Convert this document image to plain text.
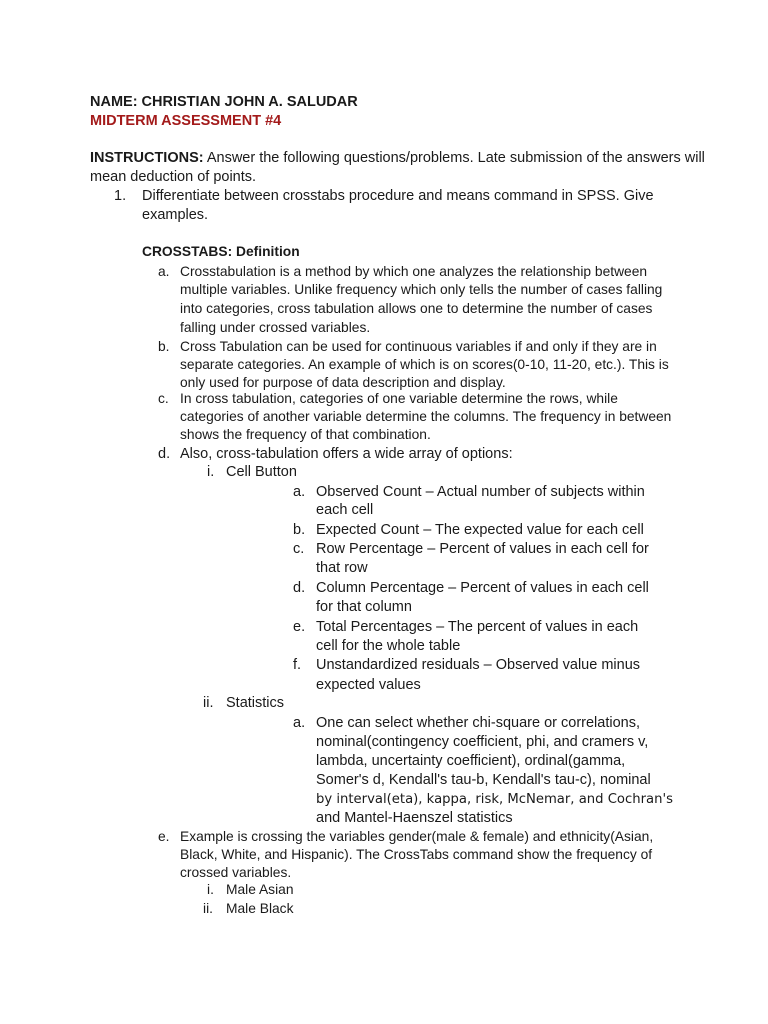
NAME: CHRISTIAN JOHN A. SALUDAR
MIDTERM ASSESSMENT #4
INSTRUCTIONS: Answer the following questions/problems. Late submission of the answers will
mean deduction of points.
1. Differentiate between crosstabs procedure and means command in SPSS. Give
examples.
CROSSTABS: Definition
a. Crosstabulation is a method by which one analyzes the relationship between
multiple variables. Unlike frequency which only tells the number of cases falling
into categories, cross tabulation allows one to determine the number of cases
falling under crossed variables.
b. Cross Tabulation can be used for continuous variables if and only if they are in
separate categories. An example of which is on scores(0-10, 11-20, etc.). This is
only used for purpose of data description and display.
c. In cross tabulation, categories of one variable determine the rows, while
categories of another variable determine the columns. The frequency in between
shows the frequency of that combination.
d. Also, cross-tabulation offers a wide array of options:
i. Cell Button
a. Observed Count – Actual number of subjects within
each cell
b. Expected Count – The expected value for each cell
c. Row Percentage – Percent of values in each cell for
that row
d. Column Percentage – Percent of values in each cell
for that column
e. Total Percentages – The percent of values in each
cell for the whole table
f. Unstandardized residuals – Observed value minus
expected values
ii. Statistics
a. One can select whether chi-square or correlations,
nominal(contingency coefficient, phi, and cramers v,
lambda, uncertainty coefficient), ordinal(gamma,
Somer's d, Kendall's tau-b, Kendall's tau-c), nominal
by interval(eta), kappa, risk, McNemar, and Cochran's
and Mantel-Haenszel statistics
e. Example is crossing the variables gender(male & female) and ethnicity(Asian,
Black, White, and Hispanic). The CrossTabs command show the frequency of
crossed variables.
i. Male Asian
ii. Male Black
